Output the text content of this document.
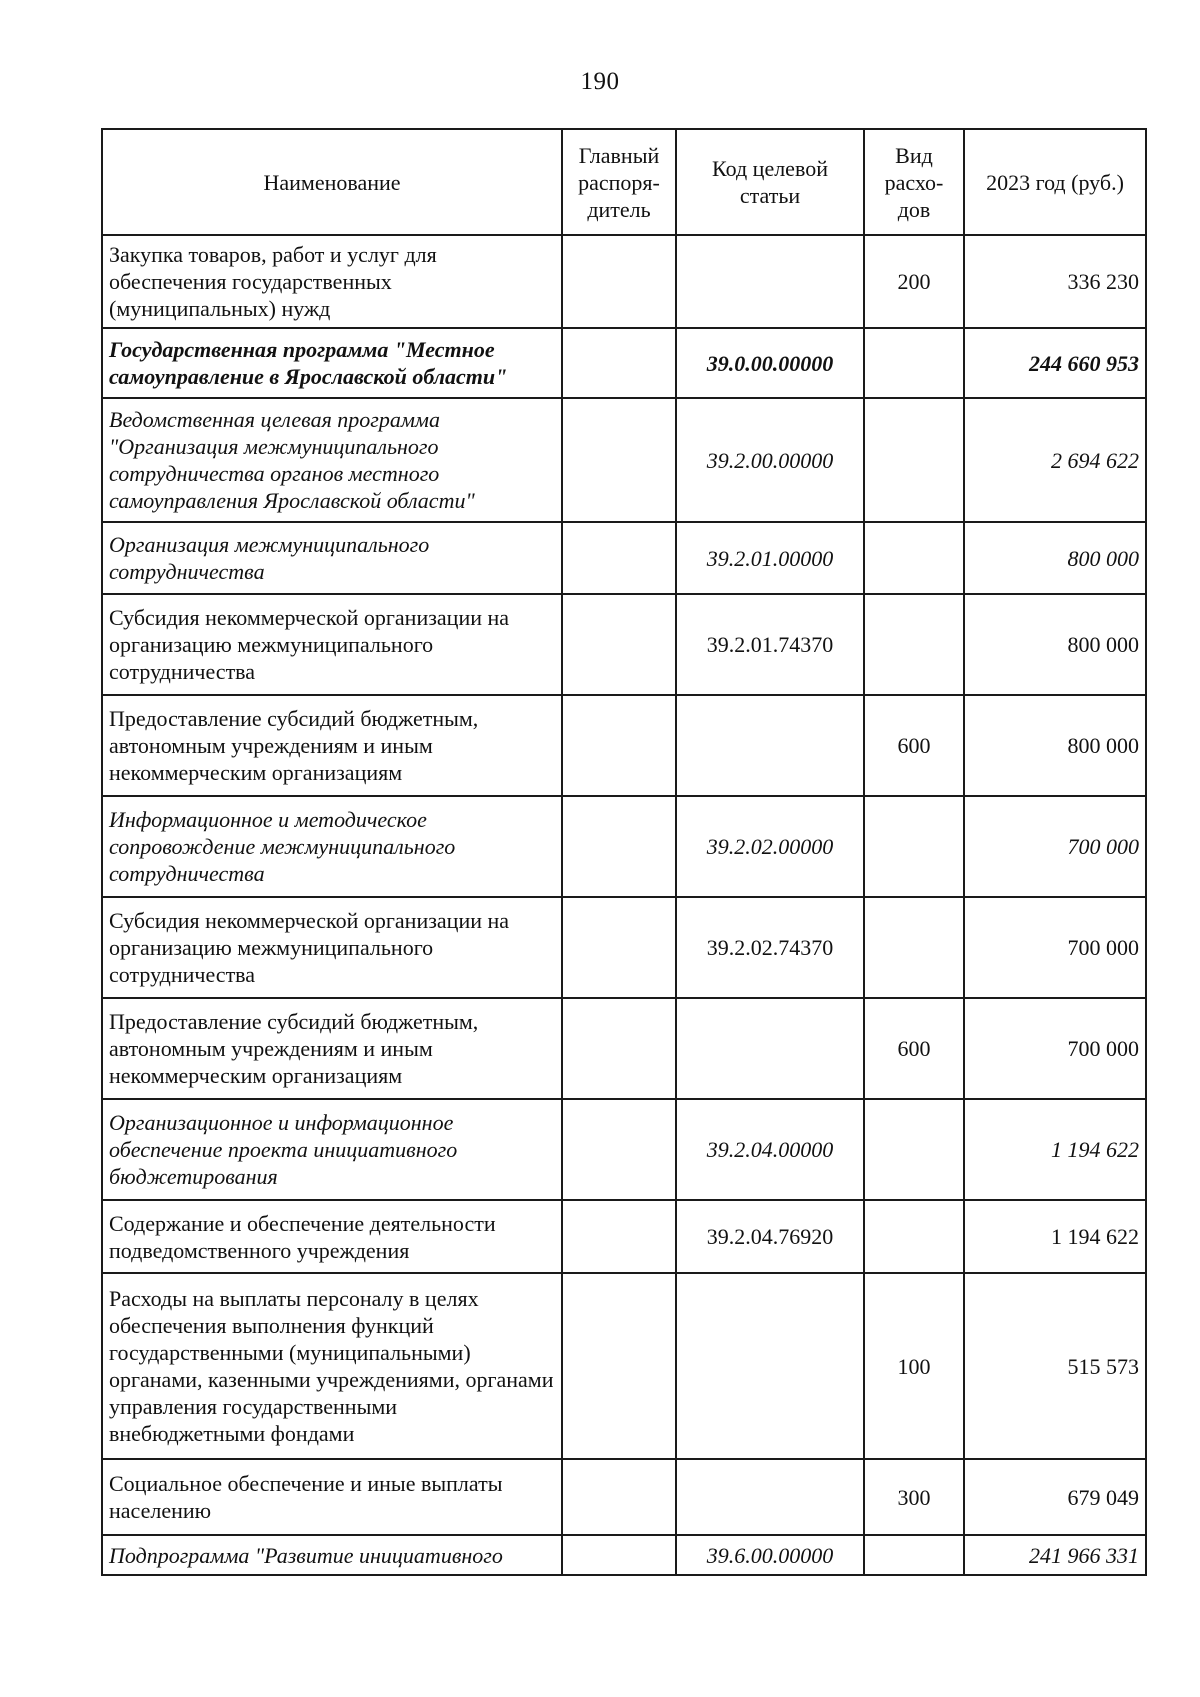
190
Наименование	Главный распоря-дитель	Код целевой статьи	Вид расхо-дов	2023 год (руб.)
Закупка товаров, работ и услуг для обеспечения государственных (муниципальных) нужд			200	336 230
Государственная программа "Местное самоуправление в Ярославской области"		39.0.00.00000		244 660 953
Ведомственная целевая программа "Организация межмуниципального сотрудничества органов местного самоуправления Ярославской области"		39.2.00.00000		2 694 622
Организация межмуниципального сотрудничества		39.2.01.00000		800 000
Субсидия некоммерческой организации на организацию межмуниципального сотрудничества		39.2.01.74370		800 000
Предоставление субсидий бюджетным, автономным учреждениям и иным некоммерческим организациям			600	800 000
Информационное и методическое сопровождение межмуниципального сотрудничества		39.2.02.00000		700 000
Субсидия некоммерческой организации на организацию межмуниципального сотрудничества		39.2.02.74370		700 000
Предоставление субсидий бюджетным, автономным учреждениям и иным некоммерческим организациям			600	700 000
Организационное и информационное обеспечение проекта инициативного бюджетирования		39.2.04.00000		1 194 622
Содержание и обеспечение деятельности подведомственного учреждения		39.2.04.76920		1 194 622
Расходы на выплаты персоналу в целях обеспечения выполнения функций государственными (муниципальными) органами, казенными учреждениями, органами управления государственными внебюджетными фондами			100	515 573
Социальное обеспечение и иные выплаты населению			300	679 049
Подпрограмма "Развитие инициативного		39.6.00.00000		241 966 331
